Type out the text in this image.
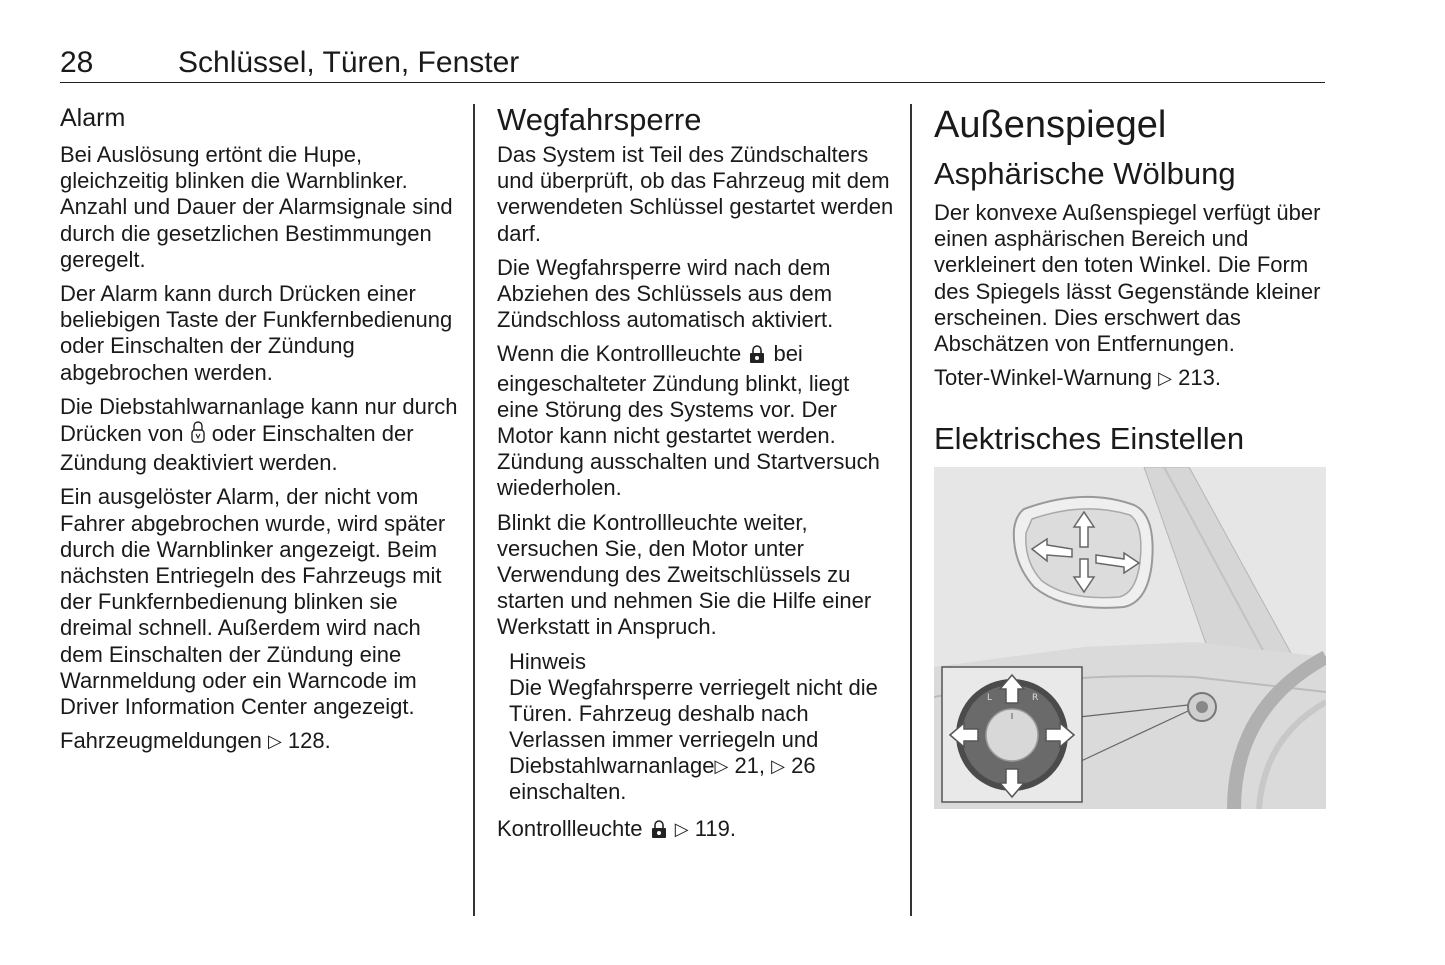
28	Schlüssel, Türen, Fenster
Alarm

Bei Auslösung ertönt die Hupe, gleichzeitig blinken die Warnblinker. Anzahl und Dauer der Alarmsignale sind durch die gesetzlichen Bestimmungen geregelt.

Der Alarm kann durch Drücken einer beliebigen Taste der Funkfernbedienung oder Einschalten der Zündung abgebrochen werden.

Die Diebstahlwarnanlage kann nur durch Drücken von oder Einschalten der Zündung deaktiviert werden.

Ein ausgelöster Alarm, der nicht vom Fahrer abgebrochen wurde, wird später durch die Warnblinker angezeigt. Beim nächsten Entriegeln des Fahrzeugs mit der Funkfernbedienung blinken sie dreimal schnell. Außerdem wird nach dem Einschalten der Zündung eine Warnmeldung oder ein Warncode im Driver Information Center angezeigt.

Fahrzeugmeldungen ▷ 128.

Wegfahrsperre

Das System ist Teil des Zündschalters und überprüft, ob das Fahrzeug mit dem verwendeten Schlüssel gestartet werden darf.

Die Wegfahrsperre wird nach dem Abziehen des Schlüssels aus dem Zündschloss automatisch aktiviert.

Wenn die Kontrollleuchte bei eingeschalteter Zündung blinkt, liegt eine Störung des Systems vor. Der Motor kann nicht gestartet werden. Zündung ausschalten und Startversuch wiederholen.

Blinkt die Kontrollleuchte weiter, versuchen Sie, den Motor unter Verwendung des Zweitschlüssels zu starten und nehmen Sie die Hilfe einer Werkstatt in Anspruch.

Hinweis

Die Wegfahrsperre verriegelt nicht die Türen. Fahrzeug deshalb nach Verlassen immer verriegeln und Diebstahlwarnanlage▷ 21, ▷ 26 einschalten.

Kontrollleuchte ▷ 119.

Außenspiegel
Asphärische Wölbung

Der konvexe Außenspiegel verfügt über einen asphärischen Bereich und verkleinert den toten Winkel. Die Form des Spiegels lässt Gegenstände kleiner erscheinen. Dies erschwert das Abschätzen von Entfernungen.

Toter-Winkel-Warnung ▷ 213.

Elektrisches Einstellen
L	R
